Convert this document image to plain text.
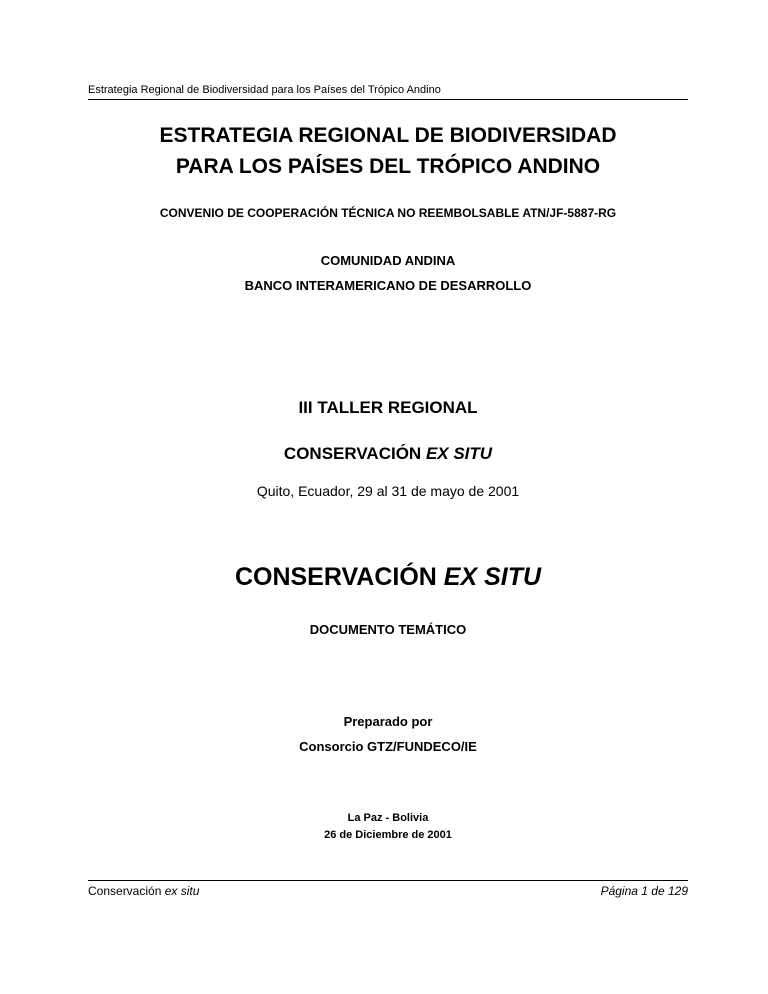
Estrategia Regional de Biodiversidad para los Países del Trópico Andino
ESTRATEGIA REGIONAL DE BIODIVERSIDAD
PARA LOS PAÍSES DEL TRÓPICO ANDINO
CONVENIO DE COOPERACIÓN TÉCNICA NO REEMBOLSABLE ATN/JF-5887-RG
COMUNIDAD ANDINA
BANCO INTERAMERICANO DE DESARROLLO
III TALLER REGIONAL
CONSERVACIÓN EX SITU
Quito, Ecuador, 29 al 31 de mayo de 2001
CONSERVACIÓN EX SITU
DOCUMENTO TEMÁTICO
Preparado por
Consorcio GTZ/FUNDECO/IE
La Paz - Bolivia
26 de Diciembre de 2001
Conservación ex situ	Página 1 de 129
